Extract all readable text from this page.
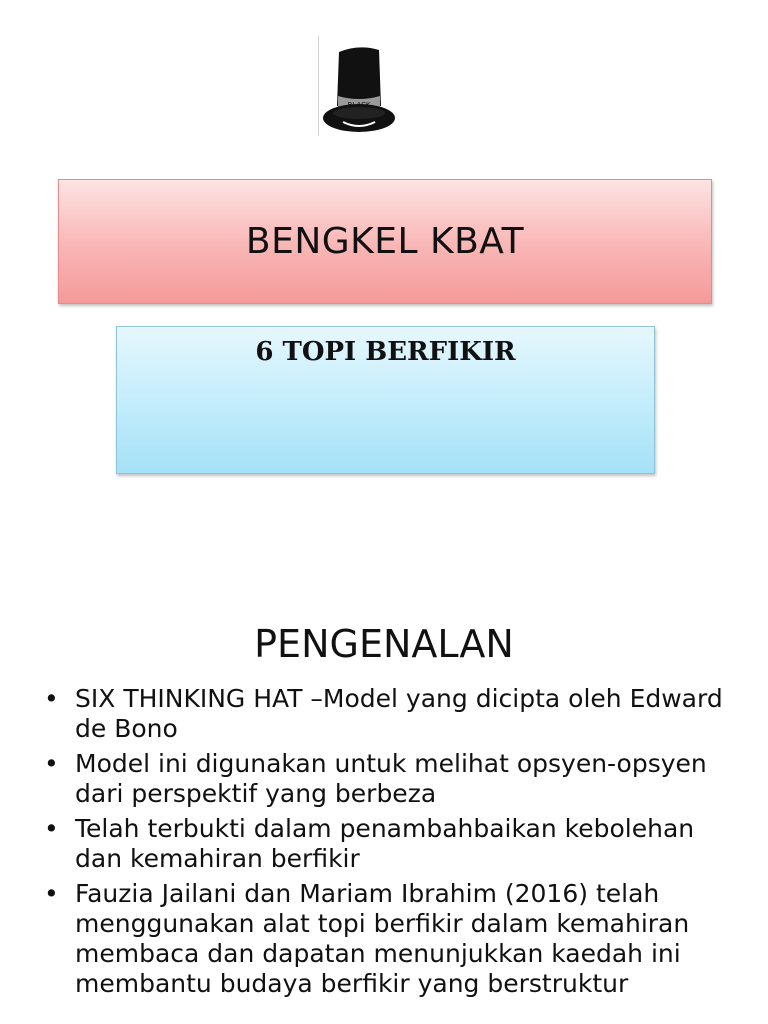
BENGKEL KBAT
6 TOPI BERFIKIR
PENGENALAN
• SIX THINKING HAT –Model yang dicipta oleh Edward de Bono
• Model ini digunakan untuk melihat opsyen-opsyen dari perspektif yang berbeza
• Telah terbukti dalam penambahbaikan kebolehan dan kemahiran berfikir
• Fauzia Jailani dan Mariam Ibrahim (2016) telah menggunakan alat topi berfikir dalam kemahiran membaca dan dapatan menunjukkan kaedah ini membantu budaya berfikir yang berstruktur
